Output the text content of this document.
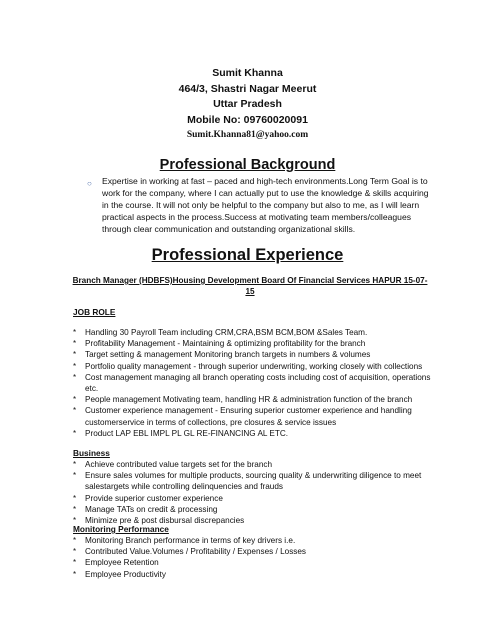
Sumit Khanna
464/3, Shastri Nagar Meerut
Uttar Pradesh
Mobile No: 09760020091
Sumit.Khanna81@yahoo.com
Professional Background
○	Expertise in working at fast – paced and high-tech environments.Long Term Goal is to work for the company, where I can actually put to use the knowledge & skills acquiring in the course. It will not only be helpful to the company but also to me, as I will learn practical aspects in the process.Success at motivating team members/colleagues through clear communication and outstanding organizational skills.
Professional Experience
Branch Manager (HDBFS)Housing Development Board Of Financial Services HAPUR 15-07-15
JOB ROLE
* Handling 30 Payroll Team including CRM,CRA,BSM BCM,BOM &Sales Team.
* Profitability Management - Maintaining & optimizing profitability for the branch
* Target setting & management Monitoring branch targets in numbers & volumes
* Portfolio quality management - through superior underwriting, working closely with collections
* Cost management managing all branch operating costs including cost of acquisition, operations etc.
* People management Motivating team, handling HR & administration function of the branch
* Customer experience management - Ensuring superior customer experience and handling customerservice in terms of collections, pre closures & service issues
* Product LAP EBL IMPL PL GL RE-FINANCING AL ETC.
Business
* Achieve contributed value targets set for the branch
* Ensure sales volumes for multiple products, sourcing quality & underwriting diligence to meet salestargets while controlling delinquencies and frauds
* Provide superior customer experience
* Manage TATs on credit & processing
* Minimize pre & post disbursal discrepancies
Monitoring Performance
* Monitoring Branch performance in terms of key drivers i.e.
* Contributed Value.Volumes / Profitability / Expenses / Losses
* Employee Retention
* Employee Productivity
